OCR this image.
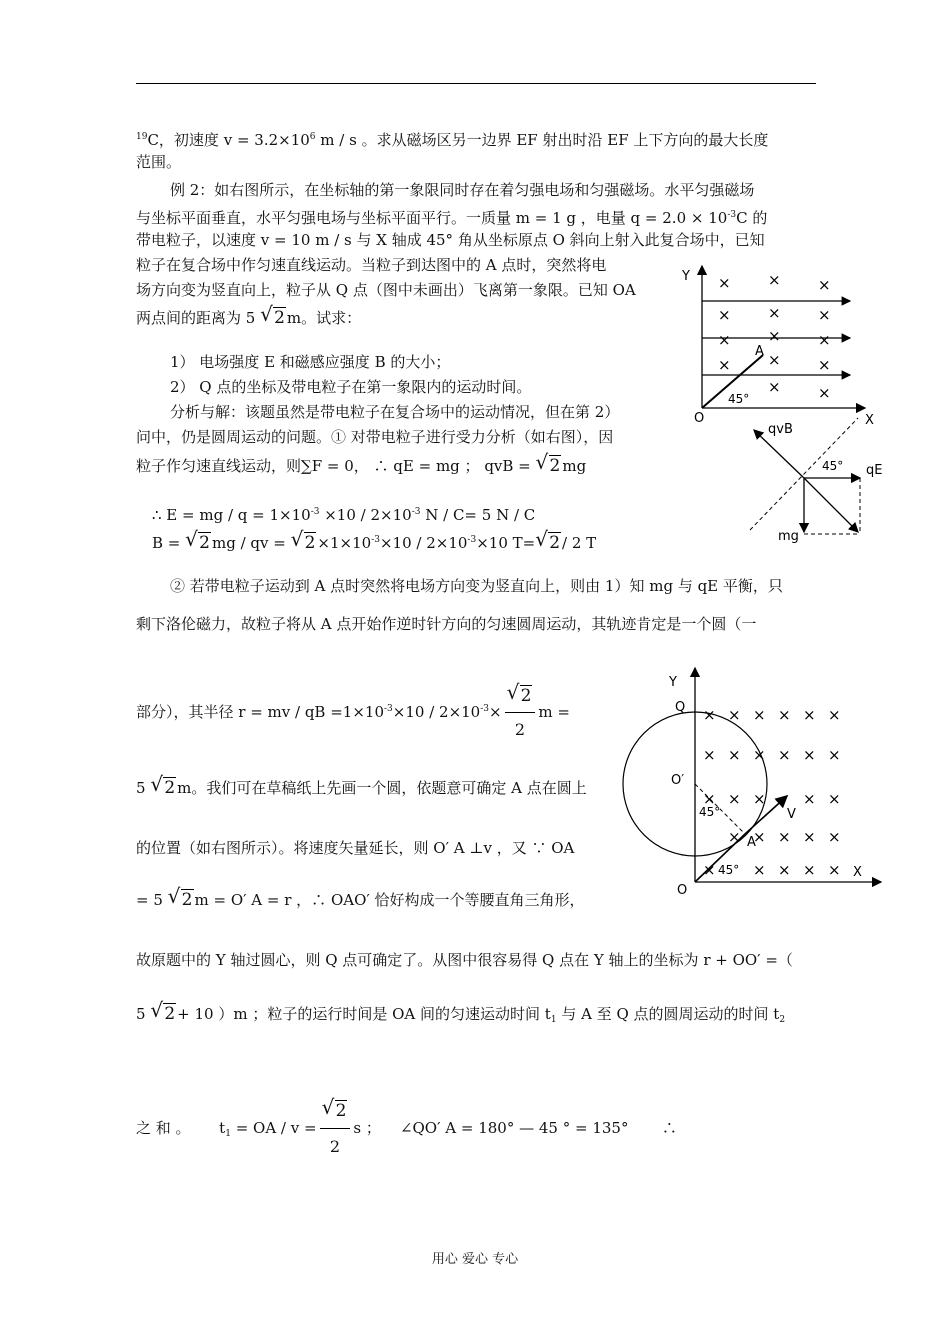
$^{19}$C，初速度 $v = 3.2\times 10^6$ m / s 。求从磁场区另一边界 EF 射出时沿 EF 上下方向的最大长度
范围。
例 2：如右图所示，在坐标轴的第一象限同时存在着匀强电场和匀强磁场。水平匀强磁场
与坐标平面垂直，水平匀强电场与坐标平面平行。一质量 m = 1 g ，电量 $q = 2.0 \times 10^{-3}C$ 的
带电粒子，以速度 v = 10 m / s 与 X 轴成 45° 角从坐标原点 O 斜向上射入此复合场中，已知
粒子在复合场中作匀速直线运动。当粒子到达图中的 A 点时，突然将电
场方向变为竖直向上，粒子从 Q 点（图中未画出）飞离第一象限。已知 OA
两点间的距离为 5 √ 2 m。试求：
1） 电场强度 E 和磁感应强度 B 的大小；
2） Q 点的坐标及带电粒子在第一象限内的运动时间。
分析与解：该题虽然是带电粒子在复合场中的运动情况，但在第 2）
问中，仍是圆周运动的问题。① 对带电粒子进行受力分析（如右图），因
粒子作匀速直线运动，则∑F = 0， ∴ qE = mg ； qvB = √ 2 mg
∴ E = mg / $q = 1\times 10^{-3} \times 10 / 2\times 10^{-3}$ N / C= 5 N / C
B = √ 2 mg / qv = √ $2 \times 1\times 10^{-3}\times 10 / 2\times 10^{-3}\times 10$ T= √ 2 / 2 T
② 若带电粒子运动到 A 点时突然将电场方向变为竖直向上，则由 1）知 mg 与 qE 平衡，只
剩下洛伦磁力，故粒子将从 A 点开始作逆时针方向的匀速圆周运动，其轨迹肯定是一个圆（一
部分），其半径 r = mv / qB $=1\times 10^{-3}\times 10 / 2\times 10^{-3}\times$ √ $\frac{2}{2}$ m =
5 √ 2 m。我们可在草稿纸上先画一个圆，依题意可确定 A 点在圆上
的位置（如右图所示）。将速度矢量延长，则 O′ A ⊥v ，又 ∵ OA
= 5 √ 2 m = O′ A = r ，∴ OAO′ 恰好构成一个等腰直角三角形，
故原题中的 Y 轴过圆心，则 Q 点可确定了。从图中很容易得 Q 点在 Y 轴上的坐标为 r + OO′ =（
5 √ 2 + 10 ）m ；粒子的运行时间是 OA 间的匀速运动时间 $t_1$ 与 A 至 Q 点的圆周运动的时间 $t_2$
之 和 。 $t_1$ = OA / v = √ $\frac{2}{2}$ s ； ∠QO′ A = 180° — 45 ° = 135° ∴
× × ×
× × ×
× × ×
× × ×
× ×
Y
X
O
A
45°
qvB
qE
mg
45°
× × × × × ×
× × × × × ×
× × × × ×
× × × × ×
× × × × ×
Y
X
O
Q
O′
A
V
45°
45°
用心 爱心 专心
